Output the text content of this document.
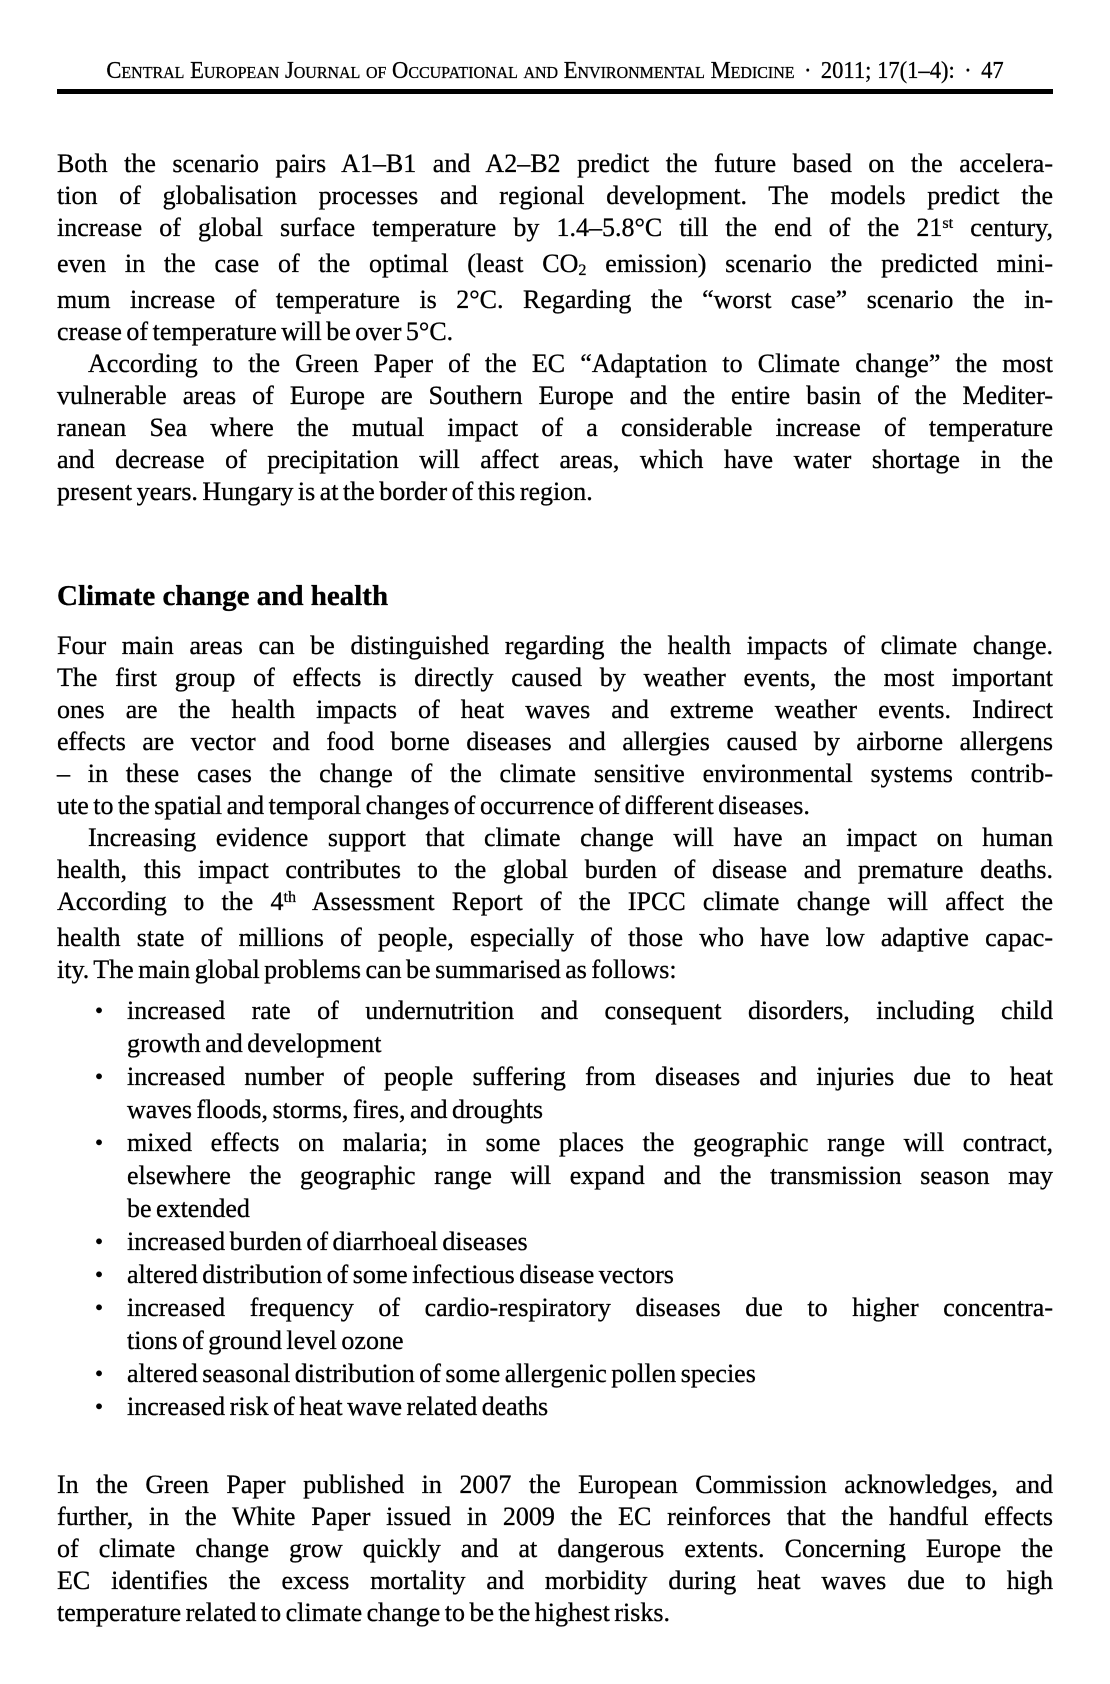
Central European Journal of Occupational and Environmental Medicine · 2011; 17(1–4): · 47
Both the scenario pairs A1–B1 and A2–B2 predict the future based on the accelera-
tion of globalisation processes and regional development. The models predict the
increase of global surface temperature by 1.4–5.8°C till the end of the 21st century,
even in the case of the optimal (least $CO_2$ emission) scenario the predicted mini-
mum increase of temperature is 2°C. Regarding the “worst case” scenario the in-
crease of temperature will be over 5°C.
According to the Green Paper of the EC “Adaptation to Climate change” the most
vulnerable areas of Europe are Southern Europe and the entire basin of the Mediter-
ranean Sea where the mutual impact of a considerable increase of temperature
and decrease of precipitation will affect areas, which have water shortage in the
present years. Hungary is at the border of this region.
Climate change and health
Four main areas can be distinguished regarding the health impacts of climate change.
The first group of effects is directly caused by weather events, the most important
ones are the health impacts of heat waves and extreme weather events. Indirect
effects are vector and food borne diseases and allergies caused by airborne allergens
– in these cases the change of the climate sensitive environmental systems contrib-
ute to the spatial and temporal changes of occurrence of different diseases.
Increasing evidence support that climate change will have an impact on human
health, this impact contributes to the global burden of disease and premature deaths.
According to the 4th Assessment Report of the IPCC climate change will affect the
health state of millions of people, especially of those who have low adaptive capac-
ity. The main global problems can be summarised as follows:
• increased rate of undernutrition and consequent disorders, including child
growth and development
• increased number of people suffering from diseases and injuries due to heat
waves floods, storms, fires, and droughts
• mixed effects on malaria; in some places the geographic range will contract,
elsewhere the geographic range will expand and the transmission season may
be extended
• increased burden of diarrhoeal diseases
• altered distribution of some infectious disease vectors
• increased frequency of cardio-respiratory diseases due to higher concentra-
tions of ground level ozone
• altered seasonal distribution of some allergenic pollen species
• increased risk of heat wave related deaths
In the Green Paper published in 2007 the European Commission acknowledges, and
further, in the White Paper issued in 2009 the EC reinforces that the handful effects
of climate change grow quickly and at dangerous extents. Concerning Europe the
EC identifies the excess mortality and morbidity during heat waves due to high
temperature related to climate change to be the highest risks.
